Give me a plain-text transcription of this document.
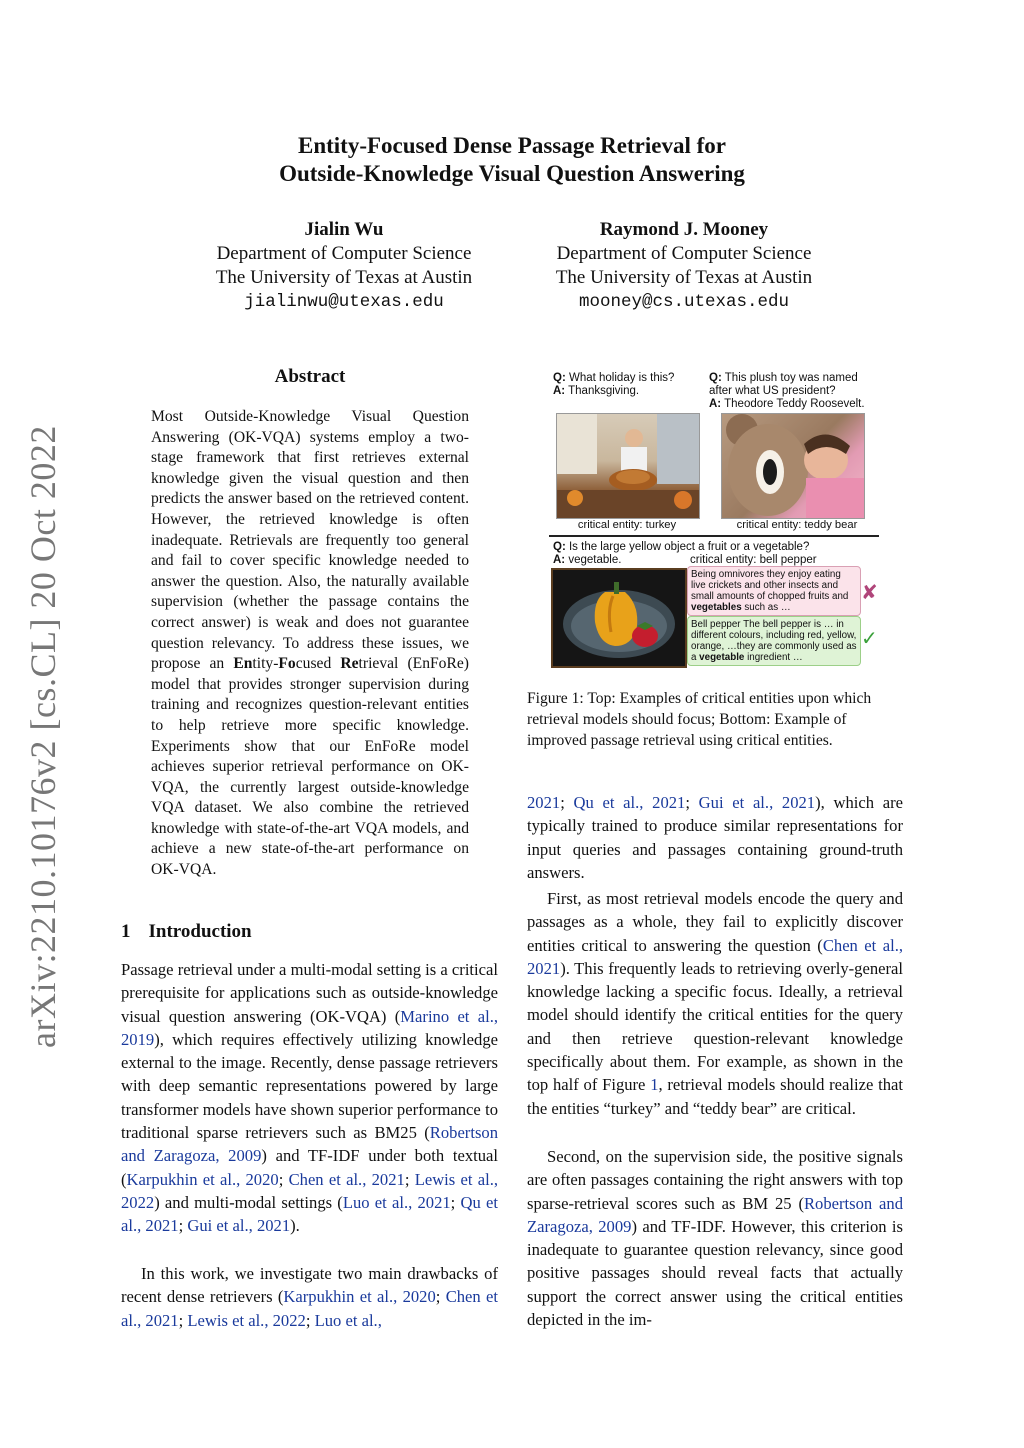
arXiv:2210.10176v2 [cs.CL] 20 Oct 2022
Entity-Focused Dense Passage Retrieval for
Outside-Knowledge Visual Question Answering
Jialin Wu
Department of Computer Science
The University of Texas at Austin
jialinwu@utexas.edu
Raymond J. Mooney
Department of Computer Science
The University of Texas at Austin
mooney@cs.utexas.edu
Abstract
Most Outside-Knowledge Visual Question Answering (OK-VQA) systems employ a two-stage framework that first retrieves external knowledge given the visual question and then predicts the answer based on the retrieved content. However, the retrieved knowledge is often inadequate. Retrievals are frequently too general and fail to cover specific knowledge needed to answer the question. Also, the naturally available supervision (whether the passage contains the correct answer) is weak and does not guarantee question relevancy. To address these issues, we propose an Entity-Focused Retrieval (EnFoRe) model that provides stronger supervision during training and recognizes question-relevant entities to help retrieve more specific knowledge. Experiments show that our EnFoRe model achieves superior retrieval performance on OK-VQA, the currently largest outside-knowledge VQA dataset. We also combine the retrieved knowledge with state-of-the-art VQA models, and achieve a new state-of-the-art performance on OK-VQA.
1 Introduction
Passage retrieval under a multi-modal setting is a critical prerequisite for applications such as outside-knowledge visual question answering (OK-VQA) (Marino et al., 2019), which requires effectively utilizing knowledge external to the image. Recently, dense passage retrievers with deep semantic representations powered by large transformer models have shown superior performance to traditional sparse retrievers such as BM25 (Robertson and Zaragoza, 2009) and TF-IDF under both textual (Karpukhin et al., 2020; Chen et al., 2021; Lewis et al., 2022) and multi-modal settings (Luo et al., 2021; Qu et al., 2021; Gui et al., 2021).
In this work, we investigate two main drawbacks of recent dense retrievers (Karpukhin et al., 2020; Chen et al., 2021; Lewis et al., 2022; Luo et al.,
Q: What holiday is this?
A: Thanksgiving.
Q: This plush toy was named after what US president?
A: Theodore Teddy Roosevelt.
critical entity: turkey	critical entity: teddy bear
Q: Is the large yellow object a fruit or a vegetable?
A: vegetable.	critical entity: bell pepper
Being omnivores they enjoy eating live crickets and other insects and small amounts of chopped fruits and vegetables such as …
✘
Bell pepper The bell pepper is … in different colours, including red, yellow, orange, …they are commonly used as a vegetable ingredient …
✓
Figure 1: Top: Examples of critical entities upon which retrieval models should focus; Bottom: Example of improved passage retrieval using critical entities.
2021; Qu et al., 2021; Gui et al., 2021), which are typically trained to produce similar representations for input queries and passages containing ground-truth answers.
First, as most retrieval models encode the query and passages as a whole, they fail to explicitly discover entities critical to answering the question (Chen et al., 2021). This frequently leads to retrieving overly-general knowledge lacking a specific focus. Ideally, a retrieval model should identify the critical entities for the query and then retrieve question-relevant knowledge specifically about them. For example, as shown in the top half of Figure 1, retrieval models should realize that the entities “turkey” and “teddy bear” are critical.
Second, on the supervision side, the positive signals are often passages containing the right answers with top sparse-retrieval scores such as BM 25 (Robertson and Zaragoza, 2009) and TF-IDF. However, this criterion is inadequate to guarantee question relevancy, since good positive passages should reveal facts that actually support the correct answer using the critical entities depicted in the im-
